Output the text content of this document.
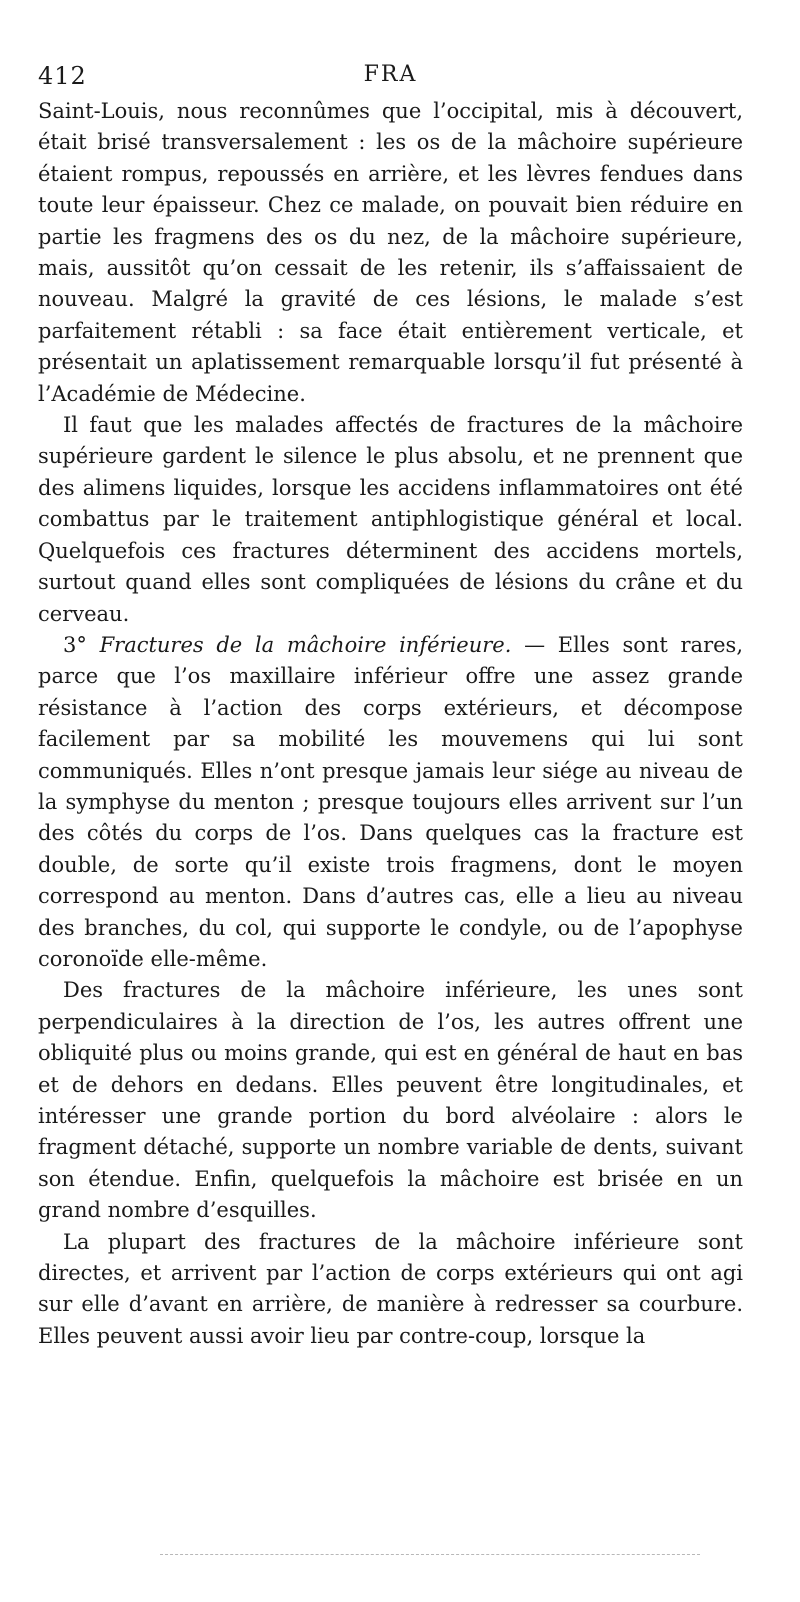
412	FRA

Saint-Louis, nous reconnûmes que l’occipital, mis à découvert, était brisé transversalement : les os de la mâchoire supérieure étaient rompus, repoussés en arrière, et les lèvres fendues dans toute leur épaisseur. Chez ce malade, on pouvait bien réduire en partie les fragmens des os du nez, de la mâchoire supérieure, mais, aussitôt qu’on cessait de les retenir, ils s’affaissaient de nouveau. Malgré la gravité de ces lésions, le malade s’est parfaitement rétabli : sa face était entièrement verticale, et présentait un aplatissement remarquable lorsqu’il fut présenté à l’Académie de Médecine.

Il faut que les malades affectés de fractures de la mâchoire supérieure gardent le silence le plus absolu, et ne prennent que des alimens liquides, lorsque les accidens inflammatoires ont été combattus par le traitement antiphlogistique général et local. Quelquefois ces fractures déterminent des accidens mortels, surtout quand elles sont compliquées de lésions du crâne et du cerveau.

3° Fractures de la mâchoire inférieure. — Elles sont rares, parce que l’os maxillaire inférieur offre une assez grande résistance à l’action des corps extérieurs, et décompose facilement par sa mobilité les mouvemens qui lui sont communiqués. Elles n’ont presque jamais leur siége au niveau de la symphyse du menton ; presque toujours elles arrivent sur l’un des côtés du corps de l’os. Dans quelques cas la fracture est double, de sorte qu’il existe trois fragmens, dont le moyen correspond au menton. Dans d’autres cas, elle a lieu au niveau des branches, du col, qui supporte le condyle, ou de l’apophyse coronoïde elle-même.

Des fractures de la mâchoire inférieure, les unes sont perpendiculaires à la direction de l’os, les autres offrent une obliquité plus ou moins grande, qui est en général de haut en bas et de dehors en dedans. Elles peuvent être longitudinales, et intéresser une grande portion du bord alvéolaire : alors le fragment détaché, supporte un nombre variable de dents, suivant son étendue. Enfin, quelquefois la mâchoire est brisée en un grand nombre d’esquilles.

La plupart des fractures de la mâchoire inférieure sont directes, et arrivent par l’action de corps extérieurs qui ont agi sur elle d’avant en arrière, de manière à redresser sa courbure. Elles peuvent aussi avoir lieu par contre-coup, lorsque la
